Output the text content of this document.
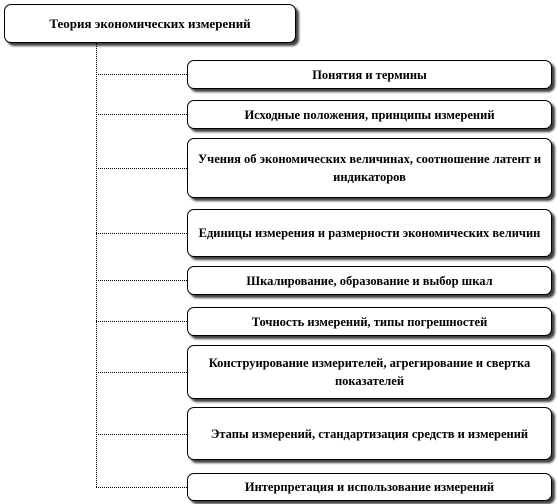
Теория экономических измерений
Понятия и термины
Исходные положения, принципы измерений
Учения об экономических величинах, соотношение латент и индикаторов
Единицы измерения и размерности экономических величин
Шкалирование, образование и выбор шкал
Точность измерений, типы погрешностей
Конструирование измерителей, агрегирование и свертка показателей
Этапы измерений, стандартизация средств и измерений
Интерпретация и использование измерений
